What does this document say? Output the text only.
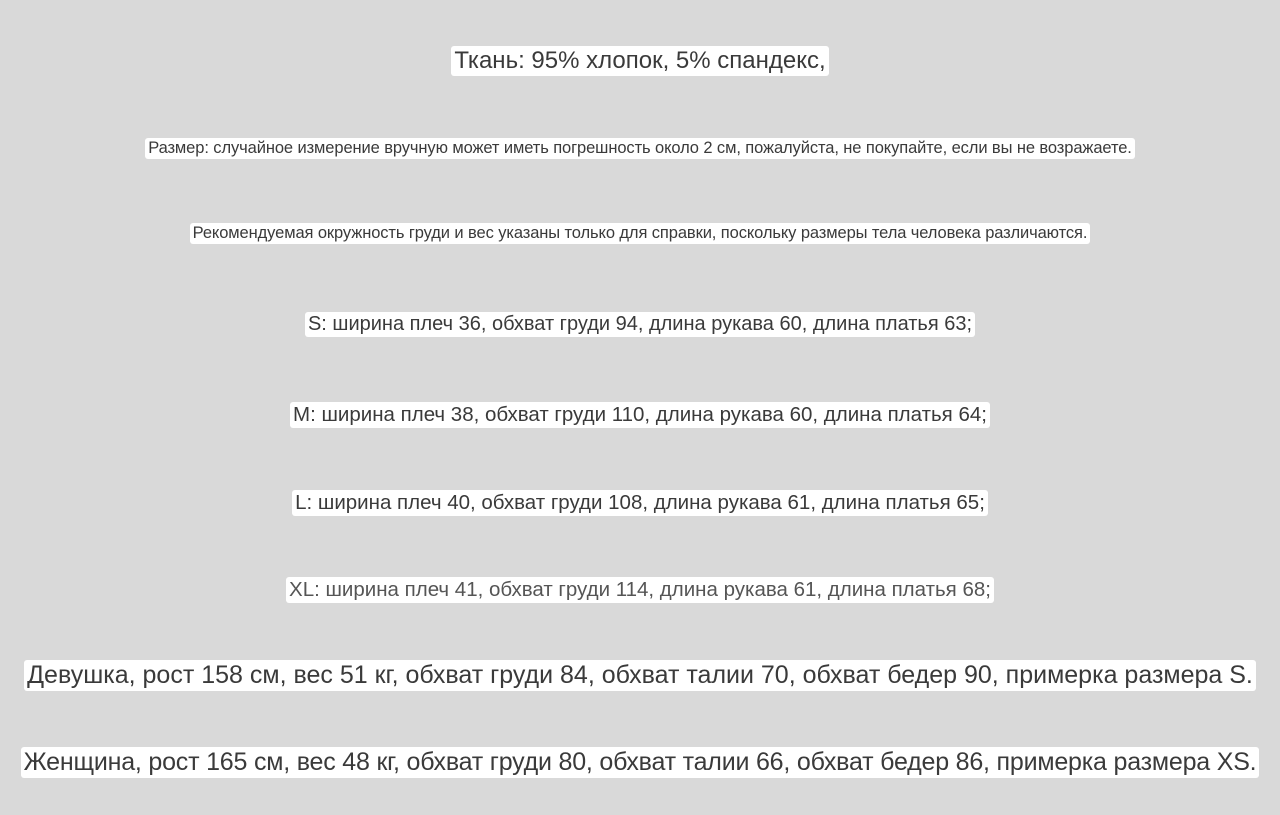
Ткань: 95% хлопок, 5% спандекс,
Размер: случайное измерение вручную может иметь погрешность около 2 см, пожалуйста, не покупайте, если вы не возражаете.
Рекомендуемая окружность груди и вес указаны только для справки, поскольку размеры тела человека различаются.
S: ширина плеч 36, обхват груди 94, длина рукава 60, длина платья 63;
M: ширина плеч 38, обхват груди 110, длина рукава 60, длина платья 64;
L: ширина плеч 40, обхват груди 108, длина рукава 61, длина платья 65;
XL: ширина плеч 41, обхват груди 114, длина рукава 61, длина платья 68;
Девушка, рост 158 см, вес 51 кг, обхват груди 84, обхват талии 70, обхват бедер 90, примерка размера S.
Женщина, рост 165 см, вес 48 кг, обхват груди 80, обхват талии 66, обхват бедер 86, примерка размера XS.
